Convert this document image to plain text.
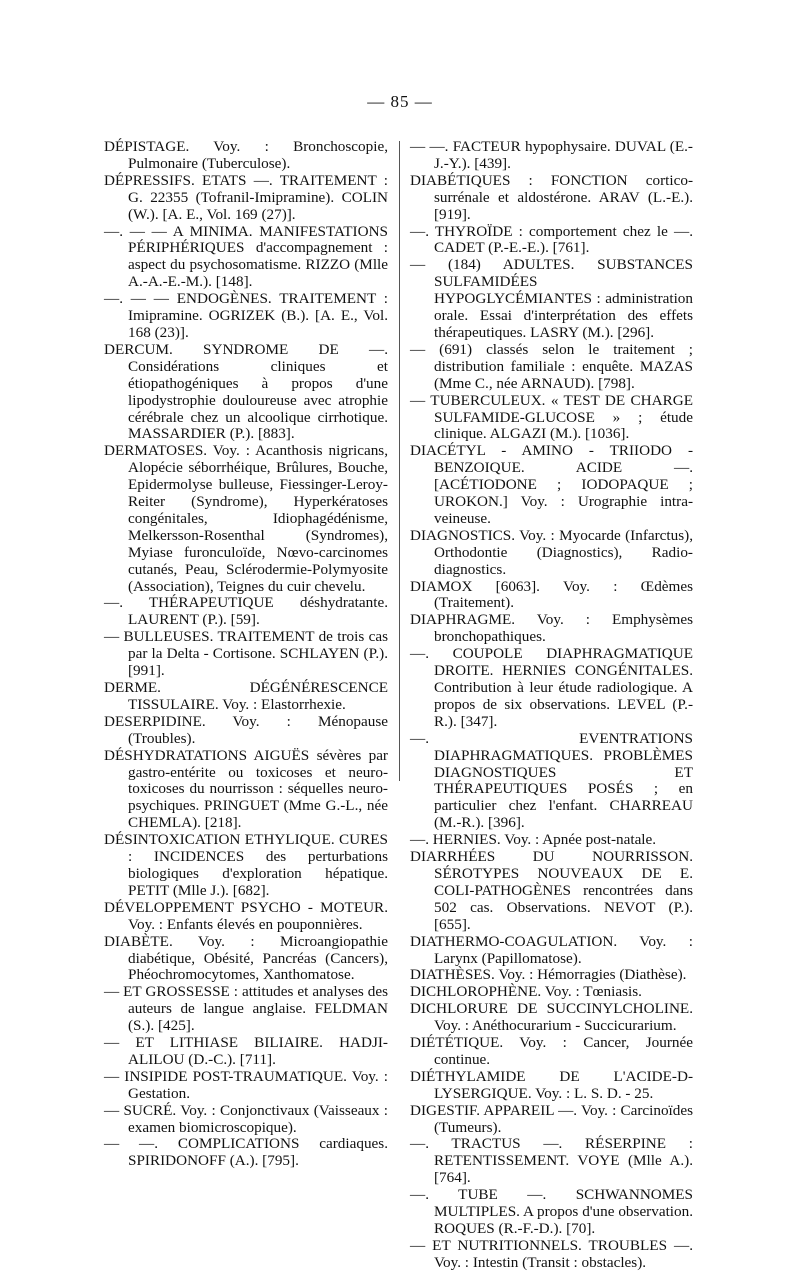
— 85 —

DÉPISTAGE. Voy. : Bronchoscopie, Pulmonaire (Tuberculose).

DÉPRESSIFS. ETATS —. TRAITEMENT : G. 22355 (Tofranil-Imipramine). COLIN (W.). [A. E., Vol. 169 (27)].

—. — — A MINIMA. MANIFESTATIONS PÉRIPHÉRIQUES d'accompagnement : aspect du psychosomatisme. RIZZO (Mlle A.-A.-E.-M.). [148].

—. — — ENDOGÈNES. TRAITEMENT : Imipramine. OGRIZEK (B.). [A. E., Vol. 168 (23)].

DERCUM. SYNDROME DE —. Considérations cliniques et étiopathogéniques à propos d'une lipodystrophie douloureuse avec atrophie cérébrale chez un alcoolique cirrhotique. MASSARDIER (P.). [883].

DERMATOSES. Voy. : Acanthosis nigricans, Alopécie séborrhéique, Brûlures, Bouche, Epidermolyse bulleuse, Fiessinger-Leroy-Reiter (Syndrome), Hyperkératoses congénitales, Idiophagédénisme, Melkersson-Rosenthal (Syndromes), Myiase furonculoïde, Nœvo-carcinomes cutanés, Peau, Sclérodermie-Polymyosite (Association), Teignes du cuir chevelu.

—. THÉRAPEUTIQUE déshydratante. LAURENT (P.). [59].

— BULLEUSES. TRAITEMENT de trois cas par la Delta - Cortisone. SCHLAYEN (P.). [991].

DERME. DÉGÉNÉRESCENCE TISSULAIRE. Voy. : Elastorrhexie.

DESERPIDINE. Voy. : Ménopause (Troubles).

DÉSHYDRATATIONS AIGUËS sévères par gastro-entérite ou toxicoses et neuro-toxicoses du nourrisson : séquelles neuro-psychiques. PRINGUET (Mme G.-L., née CHEMLA). [218].

DÉSINTOXICATION ETHYLIQUE. CURES : INCIDENCES des perturbations biologiques d'exploration hépatique. PETIT (Mlle J.). [682].

DÉVELOPPEMENT PSYCHO - MOTEUR. Voy. : Enfants élevés en pouponnières.

DIABÈTE. Voy. : Microangiopathie diabétique, Obésité, Pancréas (Cancers), Phéochromocytomes, Xanthomatose.

— ET GROSSESSE : attitudes et analyses des auteurs de langue anglaise. FELDMAN (S.). [425].

— ET LITHIASE BILIAIRE. HADJI-ALILOU (D.-C.). [711].

— INSIPIDE POST-TRAUMATIQUE. Voy. : Gestation.

— SUCRÉ. Voy. : Conjonctivaux (Vaisseaux : examen biomicroscopique).

— —. COMPLICATIONS cardiaques. SPIRIDONOFF (A.). [795].

— —. FACTEUR hypophysaire. DUVAL (E.-J.-Y.). [439].

DIABÉTIQUES : FONCTION cortico-surrénale et aldostérone. ARAV (L.-E.). [919].

—. THYROÏDE : comportement chez le —. CADET (P.-E.-E.). [761].

— (184) ADULTES. SUBSTANCES SULFAMIDÉES HYPOGLYCÉMIANTES : administration orale. Essai d'interprétation des effets thérapeutiques. LASRY (M.). [296].

— (691) classés selon le traitement ; distribution familiale : enquête. MAZAS (Mme C., née ARNAUD). [798].

— TUBERCULEUX. « TEST DE CHARGE SULFAMIDE-GLUCOSE » ; étude clinique. ALGAZI (M.). [1036].

DIACÉTYL - AMINO - TRIIODO - BENZOIQUE. ACIDE —. [ACÉTIODONE ; IODOPAQUE ; UROKON.] Voy. : Urographie intra-veineuse.

DIAGNOSTICS. Voy. : Myocarde (Infarctus), Orthodontie (Diagnostics), Radio-diagnostics.

DIAMOX [6063]. Voy. : Œdèmes (Traitement).

DIAPHRAGME. Voy. : Emphysèmes bronchopathiques.

—. COUPOLE DIAPHRAGMATIQUE DROITE. HERNIES CONGÉNITALES. Contribution à leur étude radiologique. A propos de six observations. LEVEL (P.-R.). [347].

—. EVENTRATIONS DIAPHRAGMATIQUES. PROBLÈMES DIAGNOSTIQUES ET THÉRAPEUTIQUES POSÉS ; en particulier chez l'enfant. CHARREAU (M.-R.). [396].

—. HERNIES. Voy. : Apnée post-natale.

DIARRHÉES DU NOURRISSON. SÉROTYPES NOUVEAUX DE E. COLI-PATHOGÈNES rencontrées dans 502 cas. Observations. NEVOT (P.). [655].

DIATHERMO-COAGULATION. Voy. : Larynx (Papillomatose).

DIATHÈSES. Voy. : Hémorragies (Diathèse).

DICHLOROPHÈNE. Voy. : Tœniasis.

DICHLORURE DE SUCCINYLCHOLINE. Voy. : Anéthocurarium - Succicurarium.

DIÉTÉTIQUE. Voy. : Cancer, Journée continue.

DIÉTHYLAMIDE DE L'ACIDE-D-LYSERGIQUE. Voy. : L. S. D. - 25.

DIGESTIF. APPAREIL —. Voy. : Carcinoïdes (Tumeurs).

—. TRACTUS —. RÉSERPINE : RETENTISSEMENT. VOYE (Mlle A.). [764].

—. TUBE —. SCHWANNOMES MULTIPLES. A propos d'une observation. ROQUES (R.-F.-D.). [70].

— ET NUTRITIONNELS. TROUBLES —. Voy. : Intestin (Transit : obstacles).
